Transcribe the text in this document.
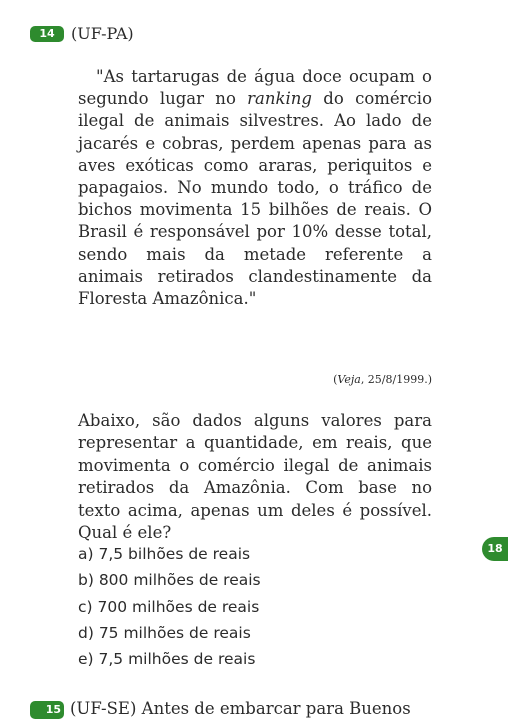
14	(UF-PA)

"As tartarugas de água doce ocupam o segundo lugar no ranking do comércio ilegal de animais silvestres. Ao lado de jacarés e cobras, perdem apenas para as aves exóticas como araras, periquitos e papagaios. No mundo todo, o tráfico de bichos movimenta 15 bilhões de reais. O Brasil é responsável por 10% desse total, sendo mais da metade referente a animais retirados clandestinamente da Floresta Amazônica."

(Veja, 25/8/1999.)

Abaixo, são dados alguns valores para representar a quantidade, em reais, que movimenta o comércio ilegal de animais retirados da Amazônia. Com base no texto acima, apenas um deles é possível. Qual é ele?

a) 7,5 bilhões de reais
b) 800 milhões de reais
c) 700 milhões de reais
d) 75 milhões de reais
e) 7,5 milhões de reais
18
15 (UF-SE) Antes de embarcar para Buenos
